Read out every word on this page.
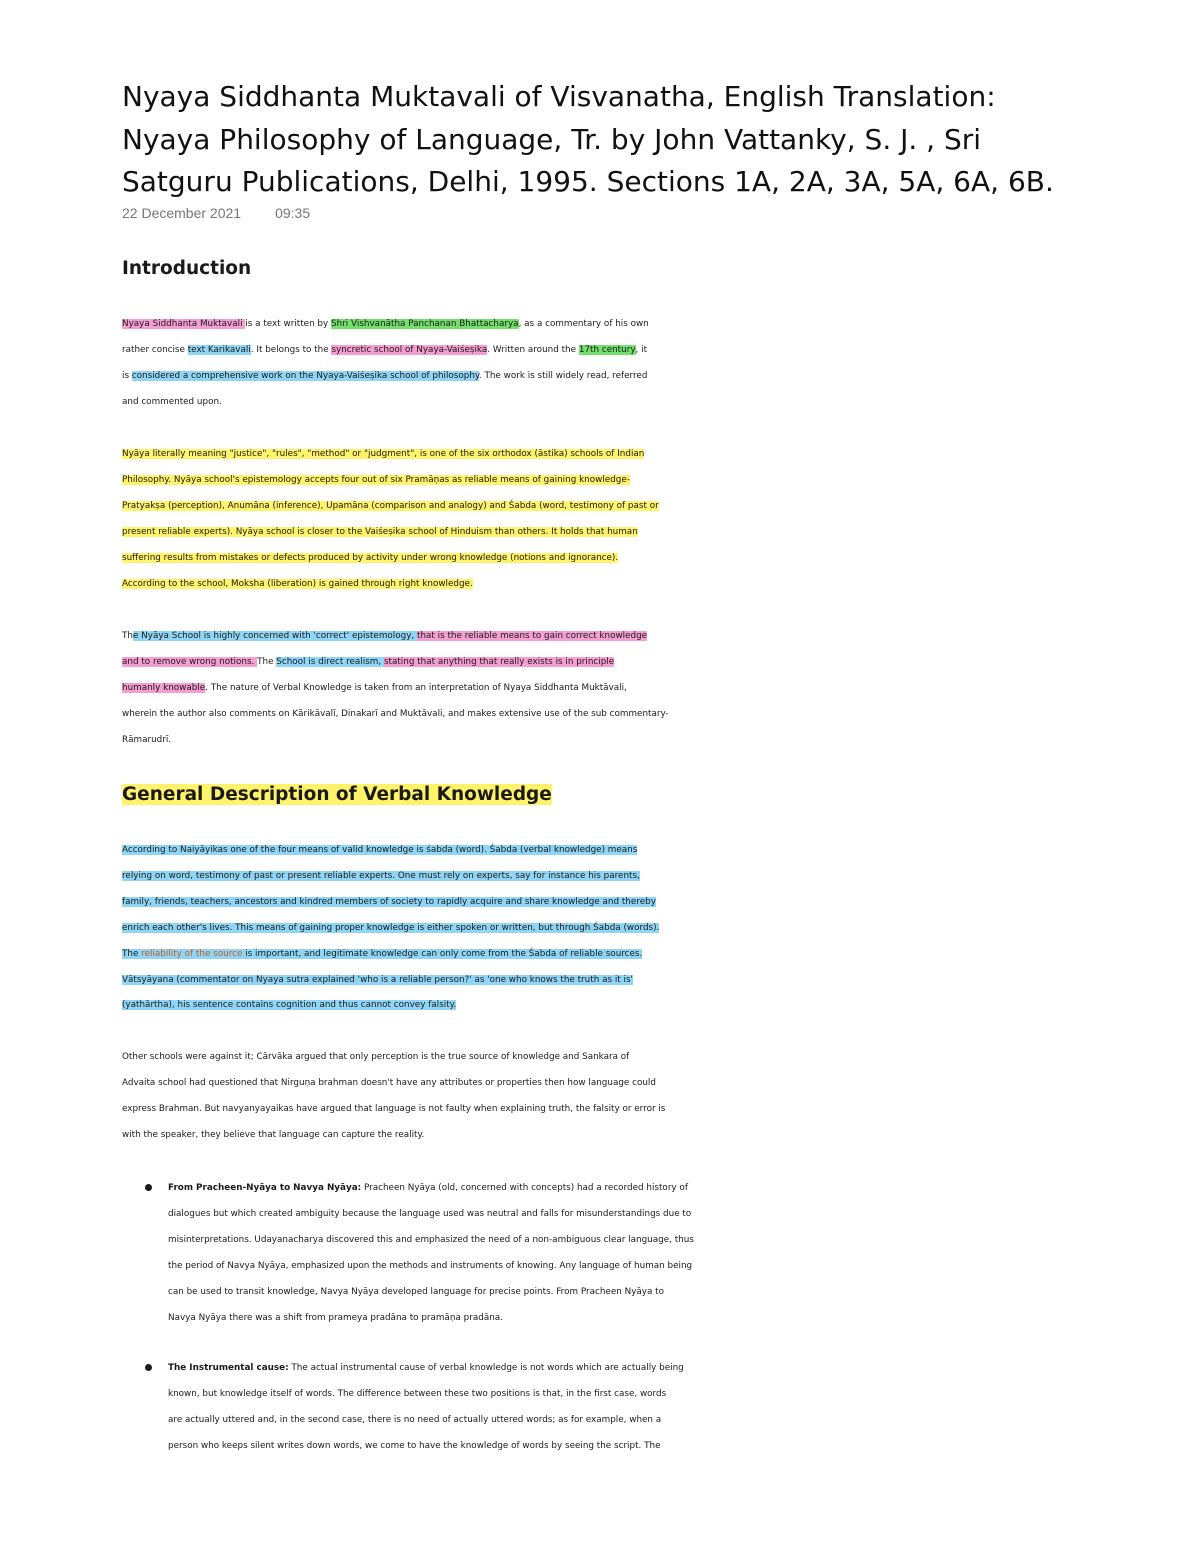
Nyaya Siddhanta Muktavali of Visvanatha, English Translation:
Nyaya Philosophy of Language, Tr. by John Vattanky, S. J. , Sri
Satguru Publications, Delhi, 1995. Sections 1A, 2A, 3A, 5A, 6A, 6B.
22 December 2021 09:35
Introduction
Nyaya Siddhanta Muktavali is a text written by Shri Vishvanātha Panchanan Bhattacharya, as a commentary of his own
rather concise text Karikavali. It belongs to the syncretic school of Nyaya-Vaiśeṣika. Written around the 17th century, it
is considered a comprehensive work on the Nyaya-Vaiśeṣika school of philosophy. The work is still widely read, referred
and commented upon.
Nyāya literally meaning "justice", "rules", "method" or "judgment", is one of the six orthodox (āstika) schools of Indian
Philosophy. Nyāya school's epistemology accepts four out of six Pramāṇas as reliable means of gaining knowledge-
Pratyakṣa (perception), Anumāna (inference), Upamāna (comparison and analogy) and Śabda (word, testimony of past or
present reliable experts). Nyāya school is closer to the Vaiśeṣika school of Hinduism than others. It holds that human
suffering results from mistakes or defects produced by activity under wrong knowledge (notions and ignorance).
According to the school, Moksha (liberation) is gained through right knowledge.
The Nyāya School is highly concerned with 'correct' epistemology, that is the reliable means to gain correct knowledge
and to remove wrong notions. The School is direct realism, stating that anything that really exists is in principle
humanly knowable. The nature of Verbal Knowledge is taken from an interpretation of Nyaya Siddhanta Muktāvali,
wherein the author also comments on Kārikāvalī, Dinakarī and Muktāvali, and makes extensive use of the sub commentary-
Rāmarudrī.
General Description of Verbal Knowledge
According to Naiyāyikas one of the four means of valid knowledge is śabda (word). Śabda (verbal knowledge) means
relying on word, testimony of past or present reliable experts. One must rely on experts, say for instance his parents,
family, friends, teachers, ancestors and kindred members of society to rapidly acquire and share knowledge and thereby
enrich each other's lives. This means of gaining proper knowledge is either spoken or written, but through Śabda (words).
The reliability of the source is important, and legitimate knowledge can only come from the Śabda of reliable sources.
Vātsyāyana (commentator on Nyaya sutra explained 'who is a reliable person?' as 'one who knows the truth as it is'
(yathārtha), his sentence contains cognition and thus cannot convey falsity.
Other schools were against it; Cārvāka argued that only perception is the true source of knowledge and Sankara of
Advaita school had questioned that Nirguṇa brahman doesn't have any attributes or properties then how language could
express Brahman. But navyanyayaikas have argued that language is not faulty when explaining truth, the falsity or error is
with the speaker, they believe that language can capture the reality.
From Pracheen-Nyāya to Navya Nyāya: Pracheen Nyāya (old, concerned with concepts) had a recorded history of
dialogues but which created ambiguity because the language used was neutral and falls for misunderstandings due to
misinterpretations. Udayanacharya discovered this and emphasized the need of a non-ambiguous clear language, thus
the period of Navya Nyāya, emphasized upon the methods and instruments of knowing. Any language of human being
can be used to transit knowledge, Navya Nyāya developed language for precise points. From Pracheen Nyāya to
Navya Nyāya there was a shift from prameya pradāna to pramāṇa pradāna.
The Instrumental cause: The actual instrumental cause of verbal knowledge is not words which are actually being
known, but knowledge itself of words. The difference between these two positions is that, in the first case, words
are actually uttered and, in the second case, there is no need of actually uttered words; as for example, when a
person who keeps silent writes down words, we come to have the knowledge of words by seeing the script. The
